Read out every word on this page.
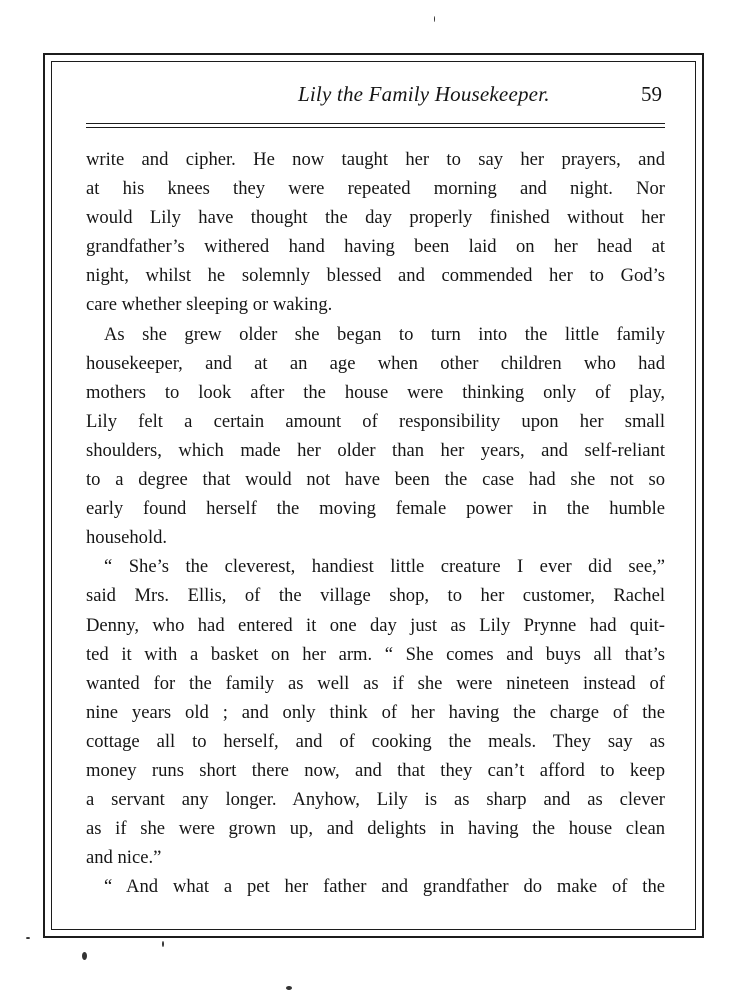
Lily the Family Housekeeper.	59
write and cipher. He now taught her to say her prayers, and
at his knees they were repeated morning and night. Nor
would Lily have thought the day properly finished without her
grandfather’s withered hand having been laid on her head at
night, whilst he solemnly blessed and commended her to God’s
care whether sleeping or waking.
As she grew older she began to turn into the little family
housekeeper, and at an age when other children who had
mothers to look after the house were thinking only of play,
Lily felt a certain amount of responsibility upon her small
shoulders, which made her older than her years, and self-reliant
to a degree that would not have been the case had she not so
early found herself the moving female power in the humble
household.
“ She’s the cleverest, handiest little creature I ever did see,”
said Mrs. Ellis, of the village shop, to her customer, Rachel
Denny, who had entered it one day just as Lily Prynne had quit-
ted it with a basket on her arm. “ She comes and buys all that’s
wanted for the family as well as if she were nineteen instead of
nine years old ; and only think of her having the charge of the
cottage all to herself, and of cooking the meals. They say as
money runs short there now, and that they can’t afford to keep
a servant any longer. Anyhow, Lily is as sharp and as clever
as if she were grown up, and delights in having the house clean
and nice.”
“ And what a pet her father and grandfather do make of the
